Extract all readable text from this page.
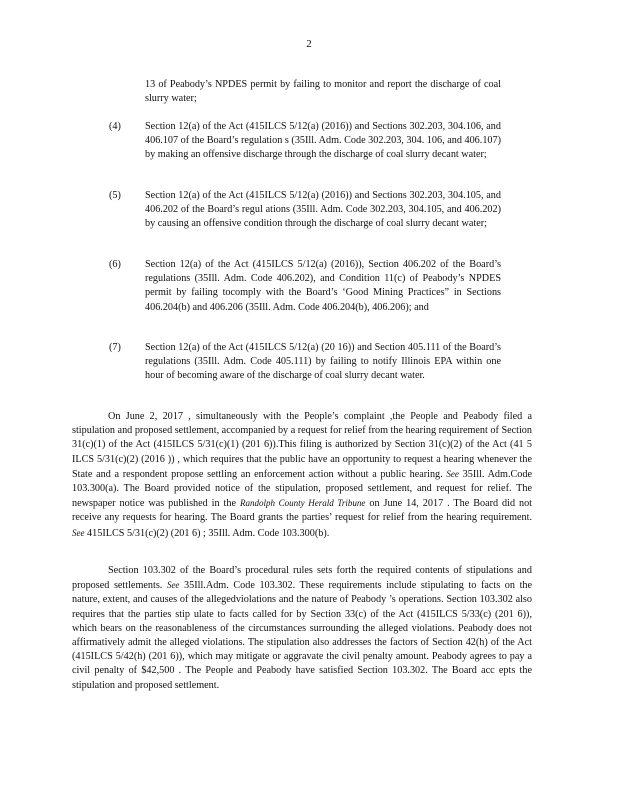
2
13 of Peabody’s NPDES permit by failing to monitor and report the discharge of coal slurry water;
(4)	Section 12(a) of the Act (415ILCS 5/12(a) (2016)) and Sections 302.203, 304.106, and 406.107 of the Board’s regulation s (35Ill. Adm. Code 302.203, 304. 106, and 406.107) by making an offensive discharge through the discharge of coal slurry decant water;
(5)	Section 12(a) of the Act (415ILCS 5/12(a) (2016)) and Sections 302.203, 304.105, and 406.202 of the Board’s regul ations (35Ill. Adm. Code 302.203, 304.105, and 406.202) by causing an offensive condition through the discharge of coal slurry decant water;
(6)	Section 12(a) of the Act (415ILCS 5/12(a) (2016)), Section 406.202 of the Board’s regulations (35Ill. Adm. Code 406.202), and Condition 11(c) of Peabody’s NPDES permit by failing tocomply with the Board’s ‘Good Mining Practices” in Sections 406.204(b) and 406.206 (35Ill. Adm. Code 406.204(b), 406.206); and
(7)	Section 12(a) of the Act (415ILCS 5/12(a) (20 16)) and Section 405.111 of the Board’s regulations (35Ill. Adm. Code 405.111) by failing to notify Illinois EPA within one hour of becoming aware of the discharge of coal slurry decant water.
On June 2, 2017 , simultaneously with the People’s complaint ,the People and Peabody filed a stipulation and proposed settlement, accompanied by a request for relief from the hearing requirement of Section 31(c)(1) of the Act (415ILCS 5/31(c)(1) (201 6)).This filing is authorized by Section 31(c)(2) of the Act (41 5 ILCS 5/31(c)(2) (2016 )) , which requires that the public have an opportunity to request a hearing whenever the State and a respondent propose settling an enforcement action without a public hearing. See 35Ill. Adm.Code 103.300(a). The Board provided notice of the stipulation, proposed settlement, and request for relief. The newspaper notice was published in the Randolph County Herald Tribune on June 14, 2017 . The Board did not receive any requests for hearing. The Board grants the parties’ request for relief from the hearing requirement. See 415ILCS 5/31(c)(2) (201 6) ; 35Ill. Adm. Code 103.300(b).
Section 103.302 of the Board’s procedural rules sets forth the required contents of stipulations and proposed settlements. See 35Ill.Adm. Code 103.302. These requirements include stipulating to facts on the nature, extent, and causes of the allegedviolations and the nature of Peabody ’s operations. Section 103.302 also requires that the parties stip ulate to facts called for by Section 33(c) of the Act (415ILCS 5/33(c) (201 6)), which bears on the reasonableness of the circumstances surrounding the alleged violations. Peabody does not affirmatively admit the alleged violations. The stipulation also addresses the factors of Section 42(h) of the Act (415ILCS 5/42(h) (201 6)), which may mitigate or aggravate the civil penalty amount. Peabody agrees to pay a civil penalty of $42,500 . The People and Peabody have satisfied Section 103.302. The Board acc epts the stipulation and proposed settlement.
